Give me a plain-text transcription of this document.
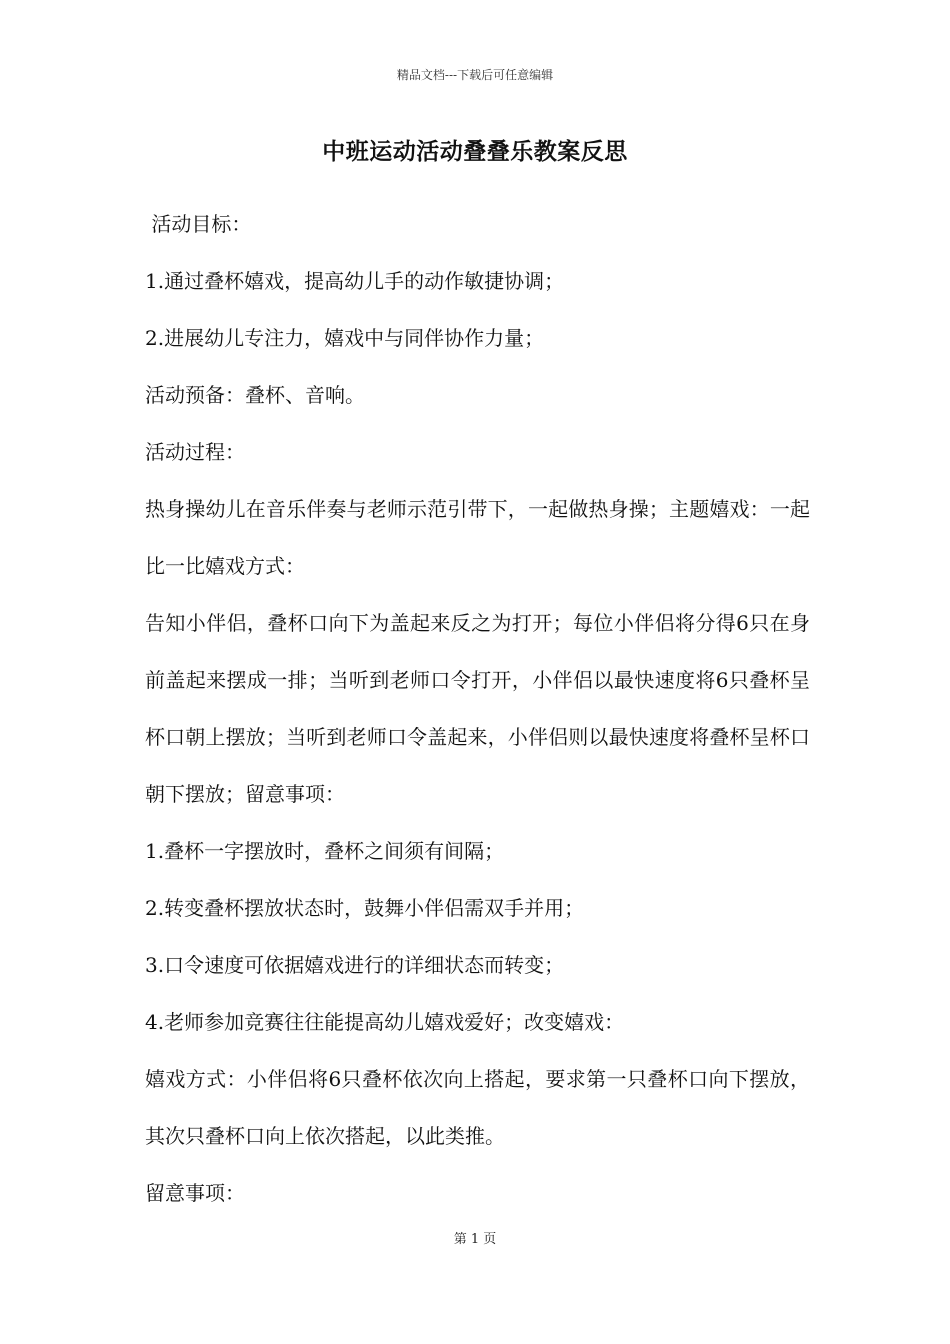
精品文档---下载后可任意编辑
中班运动活动叠叠乐教案反思

活动目标：

1.通过叠杯嬉戏，提高幼儿手的动作敏捷协调；

2.进展幼儿专注力，嬉戏中与同伴协作力量；

活动预备：叠杯、音响。

活动过程：

热身操幼儿在音乐伴奏与老师示范引带下，一起做热身操；主题嬉戏：一起比一比嬉戏方式：

告知小伴侣，叠杯口向下为盖起来反之为打开；每位小伴侣将分得6只在身前盖起来摆成一排；当听到老师口令打开，小伴侣以最快速度将6只叠杯呈杯口朝上摆放；当听到老师口令盖起来，小伴侣则以最快速度将叠杯呈杯口朝下摆放；留意事项：

1.叠杯一字摆放时，叠杯之间须有间隔；

2.转变叠杯摆放状态时，鼓舞小伴侣需双手并用；

3.口令速度可依据嬉戏进行的详细状态而转变；

4.老师参加竞赛往往能提高幼儿嬉戏爱好；改变嬉戏：

嬉戏方式：小伴侣将6只叠杯依次向上搭起，要求第一只叠杯口向下摆放，其次只叠杯口向上依次搭起，以此类推。

留意事项：

第 1 页
